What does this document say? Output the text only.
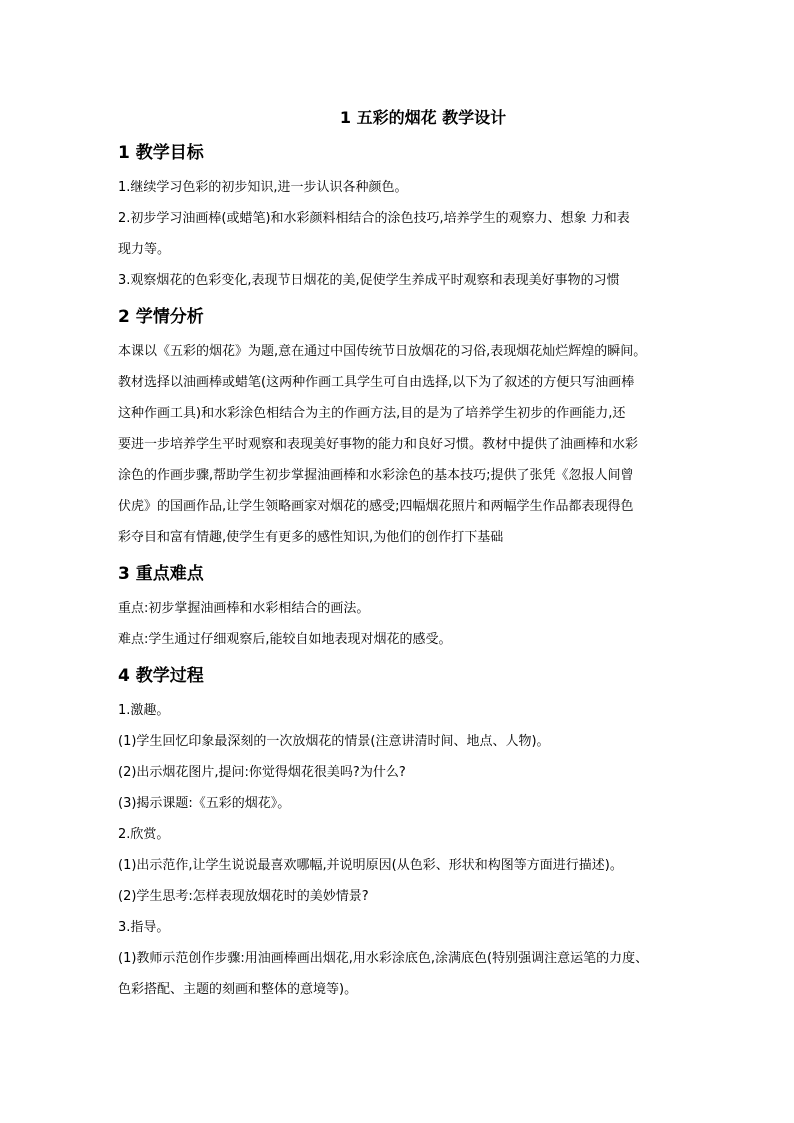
1 五彩的烟花 教学设计
1 教学目标

1.继续学习色彩的初步知识,进一步认识各种颜色。

2.初步学习油画棒(或蜡笔)和水彩颜料相结合的涂色技巧,培养学生的观察力、想象 力和表

现力等。

3.观察烟花的色彩变化,表现节日烟花的美,促使学生养成平时观察和表现美好事物的习惯

2 学情分析

本课以《五彩的烟花》为题,意在通过中国传统节日放烟花的习俗,表现烟花灿烂辉煌的瞬间。

教材选择以油画棒或蜡笔(这两种作画工具学生可自由选择,以下为了叙述的方便只写油画棒

这种作画工具)和水彩涂色相结合为主的作画方法,目的是为了培养学生初步的作画能力,还

要进一步培养学生平时观察和表现美好事物的能力和良好习惯。教材中提供了油画棒和水彩

涂色的作画步骤,帮助学生初步掌握油画棒和水彩涂色的基本技巧;提供了张凭《忽报人间曾

伏虎》的国画作品,让学生领略画家对烟花的感受;四幅烟花照片和两幅学生作品都表现得色

彩夺目和富有情趣,使学生有更多的感性知识,为他们的创作打下基础

3 重点难点

重点:初步掌握油画棒和水彩相结合的画法。

难点:学生通过仔细观察后,能较自如地表现对烟花的感受。

4 教学过程

1.激趣。

(1)学生回忆印象最深刻的一次放烟花的情景(注意讲清时间、地点、人物)。

(2)出示烟花图片,提问:你觉得烟花很美吗?为什么?

(3)揭示课题:《五彩的烟花》。

2.欣赏。

(1)出示范作,让学生说说最喜欢哪幅,并说明原因(从色彩、形状和构图等方面进行描述)。

(2)学生思考:怎样表现放烟花时的美妙情景?

3.指导。

(1)教师示范创作步骤:用油画棒画出烟花,用水彩涂底色,涂满底色(特别强调注意运笔的力度、

色彩搭配、主题的刻画和整体的意境等)。
